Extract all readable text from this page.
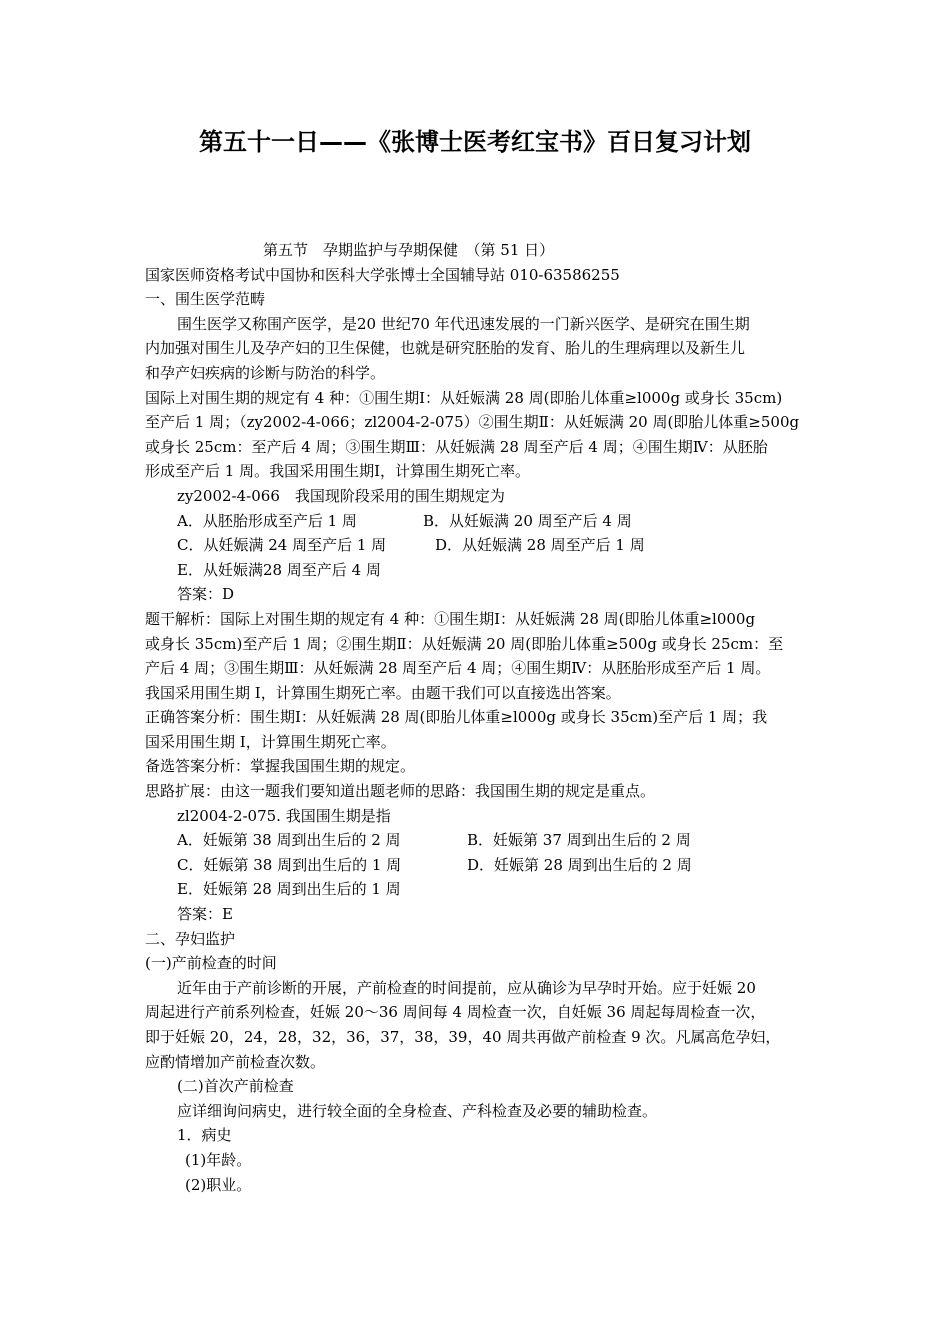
第五十一日——《张博士医考红宝书》百日复习计划
第五节　孕期监护与孕期保健　（第 51 日）
国家医师资格考试中国协和医科大学张博士全国辅导站 010-63586255
一、围生医学范畴
围生医学又称围产医学，是20 世纪70 年代迅速发展的一门新兴医学、是研究在围生期
内加强对围生儿及孕产妇的卫生保健，也就是研究胚胎的发育、胎儿的生理病理以及新生儿
和孕产妇疾病的诊断与防治的科学。
国际上对围生期的规定有 4 种：①围生期Ⅰ：从妊娠满 28 周(即胎儿体重≥l000g 或身长 35cm)
至产后 1 周；（zy2002-4-066；zl2004-2-075）②围生期Ⅱ：从妊娠满 20 周(即胎儿体重≥500g
或身长 25cm：至产后 4 周；③围生期Ⅲ：从妊娠满 28 周至产后 4 周；④围生期Ⅳ：从胚胎
形成至产后 1 周。我国采用围生期Ⅰ，计算围生期死亡率。
zy2002-4-066　我国现阶段采用的围生期规定为
A．从胚胎形成至产后 1 周	B．从妊娠满 20 周至产后 4 周
C．从妊娠满 24 周至产后 1 周	D．从妊娠满 28 周至产后 1 周
E．从妊娠满28 周至产后 4 周
答案：D
题干解析：国际上对围生期的规定有 4 种：①围生期Ⅰ：从妊娠满 28 周(即胎儿体重≥l000g
或身长 35cm)至产后 1 周；②围生期Ⅱ：从妊娠满 20 周(即胎儿体重≥500g 或身长 25cm：至
产后 4 周；③围生期Ⅲ：从妊娠满 28 周至产后 4 周；④围生期Ⅳ：从胚胎形成至产后 1 周。
我国采用围生期 I，计算围生期死亡率。由题干我们可以直接选出答案。
正确答案分析：围生期Ⅰ：从妊娠满 28 周(即胎儿体重≥l000g 或身长 35cm)至产后 1 周；我
国采用围生期 I，计算围生期死亡率。
备选答案分析：掌握我国围生期的规定。
思路扩展：由这一题我们要知道出题老师的思路：我国围生期的规定是重点。
zl2004-2-075. 我国围生期是指
A．妊娠第 38 周到出生后的 2 周	B．妊娠第 37 周到出生后的 2 周
C．妊娠第 38 周到出生后的 1 周	D．妊娠第 28 周到出生后的 2 周
E．妊娠第 28 周到出生后的 1 周
答案：E
二、孕妇监护
(一)产前检查的时间
近年由于产前诊断的开展，产前检查的时间提前，应从确诊为早孕时开始。应于妊娠 20
周起进行产前系列检查，妊娠 20～36 周间每 4 周检查一次，自妊娠 36 周起每周检查一次，
即于妊娠 20，24，28，32，36，37，38，39，40 周共再做产前检查 9 次。凡属高危孕妇，
应酌情增加产前检查次数。
(二)首次产前检查
应详细询问病史，进行较全面的全身检查、产科检查及必要的辅助检查。
1．病史
(1)年龄。
(2)职业。
